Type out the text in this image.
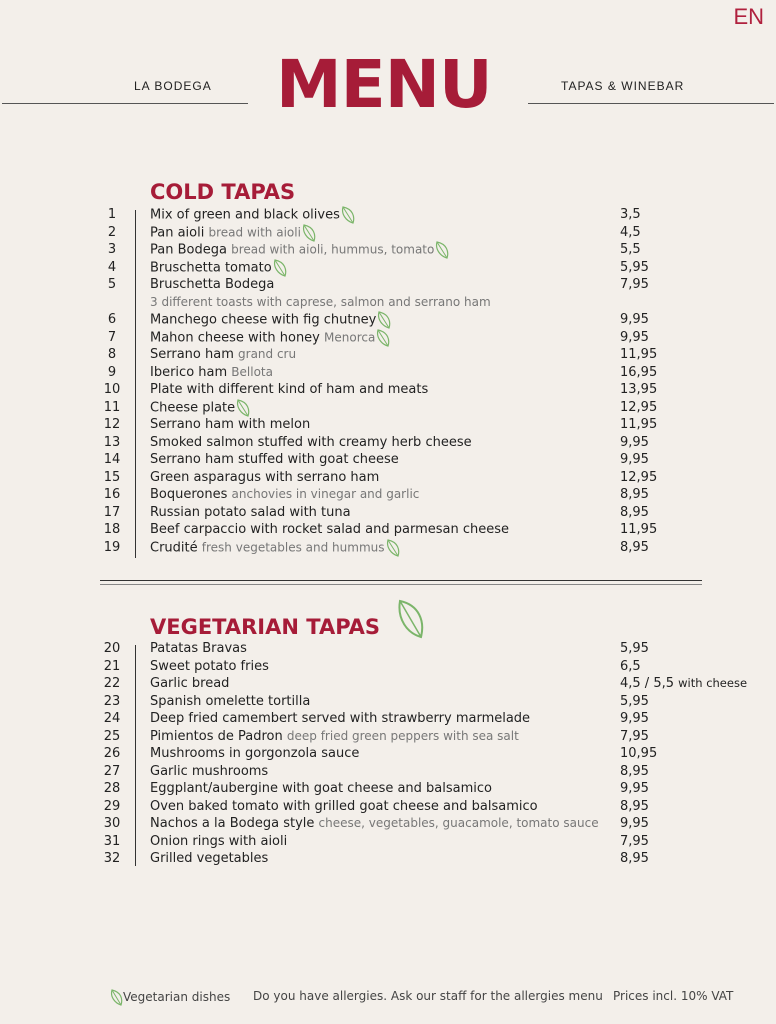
EN
LA BODEGA MENU	TAPAS & WINEBAR
COLD TAPAS
1	Mix of green and black olives	3,5
2	Pan aioli bread with aioli	4,5
3	Pan Bodega bread with aioli, hummus, tomato	5,5
4	Bruschetta tomato	5,95
5	Bruschetta Bodega	7,95
3 different toasts with caprese, salmon and serrano ham
6	Manchego cheese with fig chutney	9,95
7	Mahon cheese with honey Menorca	9,95
8	Serrano ham grand cru	11,95
9	Iberico ham Bellota	16,95
10 Plate with different kind of ham and meats	13,95
11 Cheese plate	12,95
12 Serrano ham with melon	11,95
13 Smoked salmon stuffed with creamy herb cheese	9,95
14 Serrano ham stuffed with goat cheese	9,95
15 Green asparagus with serrano ham	12,95
16 Boquerones anchovies in vinegar and garlic	8,95
17 Russian potato salad with tuna	8,95
18 Beef carpaccio with rocket salad and parmesan cheese	11,95
19 Crudité fresh vegetables and hummus	8,95
VEGETARIAN TAPAS
20 Patatas Bravas	5,95
21 Sweet potato fries	6,5
22 Garlic bread	4,5 / 5,5 with cheese
23 Spanish omelette tortilla	5,95
24 Deep fried camembert served with strawberry marmelade	9,95
25 Pimientos de Padron deep fried green peppers with sea salt	7,95
26 Mushrooms in gorgonzola sauce	10,95
27 Garlic mushrooms	8,95
28 Eggplant/aubergine with goat cheese and balsamico	9,95
29 Oven baked tomato with grilled goat cheese and balsamico	8,95
30 Nachos a la Bodega style cheese, vegetables, guacamole, tomato sauce 9,95
31 Onion rings with aioli	7,95
32 Grilled vegetables	8,95
Vegetarian dishes Do you have allergies. Ask our staff for the allergies menu Prices incl. 10% VAT
